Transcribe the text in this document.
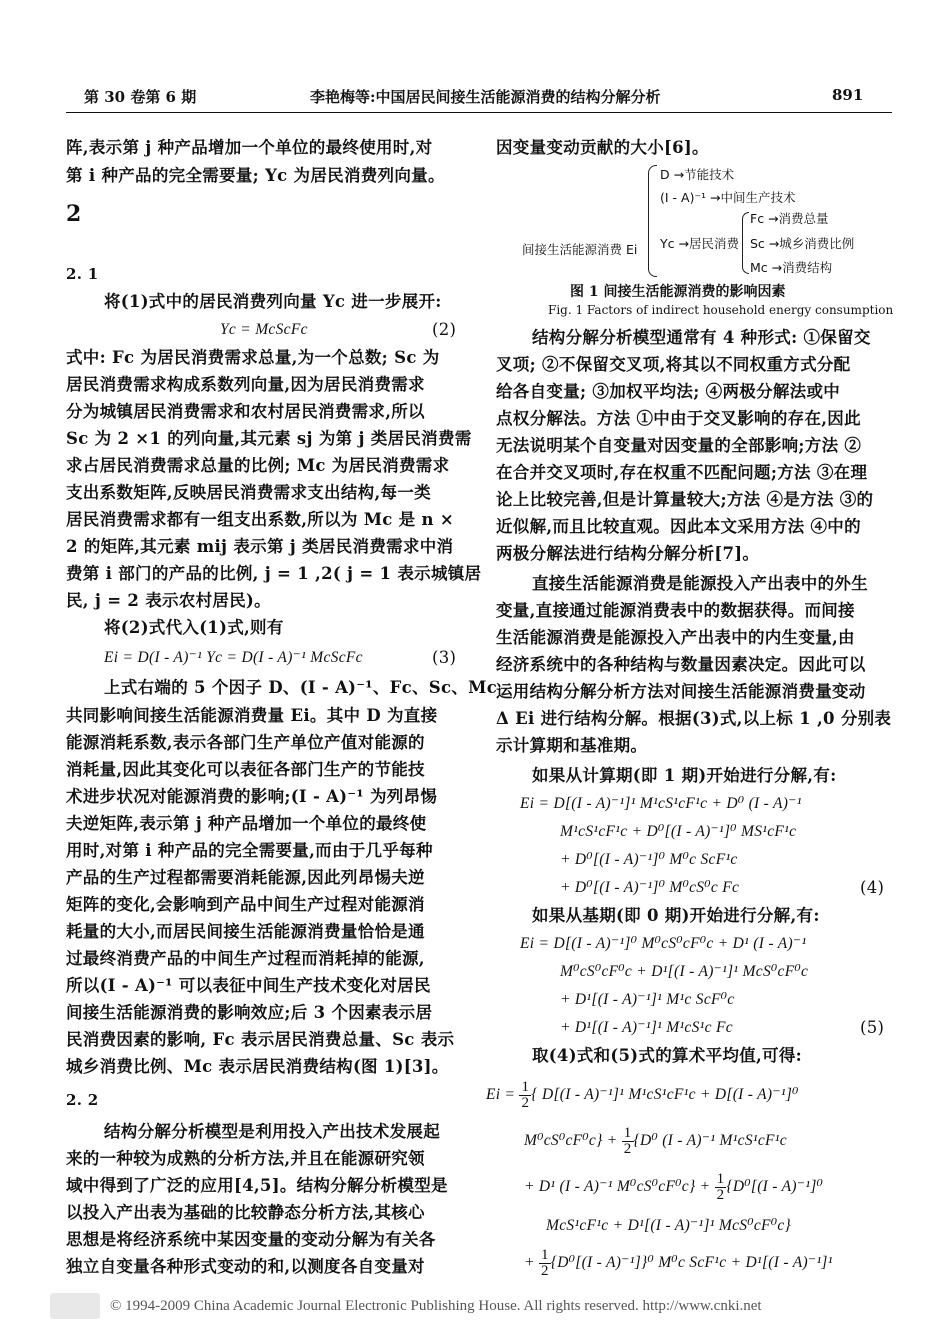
第 30 卷第 6 期	李艳梅等:中国居民间接生活能源消费的结构分解分析	891
阵,表示第 j 种产品增加一个单位的最终使用时,对
第 i 种产品的完全需要量; Yc 为居民消费列向量。
2
2. 1
将(1)式中的居民消费列向量 Yc 进一步展开:
Yc = McScFc	(2)
式中: Fc 为居民消费需求总量,为一个总数; Sc 为
居民消费需求构成系数列向量,因为居民消费需求
分为城镇居民消费需求和农村居民消费需求,所以
Sc 为 2 ×1 的列向量,其元素 sj 为第 j 类居民消费需
求占居民消费需求总量的比例; Mc 为居民消费需求
支出系数矩阵,反映居民消费需求支出结构,每一类
居民消费需求都有一组支出系数,所以为 Mc 是 n ×
2 的矩阵,其元素 mij 表示第 j 类居民消费需求中消
费第 i 部门的产品的比例, j = 1 ,2( j = 1 表示城镇居
民, j = 2 表示农村居民)。
将(2)式代入(1)式,则有
Ei = D(I - A)⁻¹ Yc = D(I - A)⁻¹ McScFc	(3)
上式右端的 5 个因子 D、(I - A)⁻¹、Fc、Sc、Mc
共同影响间接生活能源消费量 Ei。其中 D 为直接
能源消耗系数,表示各部门生产单位产值对能源的
消耗量,因此其变化可以表征各部门生产的节能技
术进步状况对能源消费的影响;(I - A)⁻¹ 为列昂惕
夫逆矩阵,表示第 j 种产品增加一个单位的最终使
用时,对第 i 种产品的完全需要量,而由于几乎每种
产品的生产过程都需要消耗能源,因此列昂惕夫逆
矩阵的变化,会影响到产品中间生产过程对能源消
耗量的大小,而居民间接生活能源消费量恰恰是通
过最终消费产品的中间生产过程而消耗掉的能源,
所以(I - A)⁻¹ 可以表征中间生产技术变化对居民
间接生活能源消费的影响效应;后 3 个因素表示居
民消费因素的影响, Fc 表示居民消费总量、Sc 表示
城乡消费比例、Mc 表示居民消费结构(图 1)[3]。
2. 2
结构分解分析模型是利用投入产出技术发展起
来的一种较为成熟的分析方法,并且在能源研究领
域中得到了广泛的应用[4,5]。结构分解分析模型是
以投入产出表为基础的比较静态分析方法,其核心
思想是将经济系统中某因变量的变动分解为有关各
独立自变量各种形式变动的和,以测度各自变量对
因变量变动贡献的大小[6]。
间接生活能源消费 Ei
D →节能技术
(I - A)⁻¹ →中间生产技术
Yc →居民消费
Fc →消费总量
Sc →城乡消费比例
Mc →消费结构
图 1 间接生活能源消费的影响因素
Fig. 1 Factors of indirect household energy consumption
结构分解分析模型通常有 4 种形式: ①保留交
叉项; ②不保留交叉项,将其以不同权重方式分配
给各自变量; ③加权平均法; ④两极分解法或中
点权分解法。方法 ①中由于交叉影响的存在,因此
无法说明某个自变量对因变量的全部影响;方法 ②
在合并交叉项时,存在权重不匹配问题;方法 ③在理
论上比较完善,但是计算量较大;方法 ④是方法 ③的
近似解,而且比较直观。因此本文采用方法 ④中的
两极分解法进行结构分解分析[7]。
直接生活能源消费是能源投入产出表中的外生
变量,直接通过能源消费表中的数据获得。而间接
生活能源消费是能源投入产出表中的内生变量,由
经济系统中的各种结构与数量因素决定。因此可以
运用结构分解分析方法对间接生活能源消费量变动
Δ Ei 进行结构分解。根据(3)式,以上标 1 ,0 分别表
示计算期和基准期。
如果从计算期(即 1 期)开始进行分解,有:
Ei = D[(I - A)⁻¹]¹ M¹cS¹cF¹c + D⁰ (I - A)⁻¹
M¹cS¹cF¹c + D⁰[(I - A)⁻¹]⁰ MS¹cF¹c
+ D⁰[(I - A)⁻¹]⁰ M⁰c ScF¹c
+ D⁰[(I - A)⁻¹]⁰ M⁰cS⁰c Fc	(4)
如果从基期(即 0 期)开始进行分解,有:
Ei = D[(I - A)⁻¹]⁰ M⁰cS⁰cF⁰c + D¹ (I - A)⁻¹
M⁰cS⁰cF⁰c + D¹[(I - A)⁻¹]¹ McS⁰cF⁰c
+ D¹[(I - A)⁻¹]¹ M¹c ScF⁰c
+ D¹[(I - A)⁻¹]¹ M¹cS¹c Fc	(5)
取(4)式和(5)式的算术平均值,可得:
$Ei = \frac{1}{2}${ D[(I - A)⁻¹]¹ M¹cS¹cF¹c + D[(I - A)⁻¹]⁰
$M^0cS^0cF^0c\} + \frac{1}{2}\{D^0$ (I - A)⁻¹ M¹cS¹cF¹c
+ D¹ (I - A)⁻¹ $M^0cS^0cF^0c\} + \frac{1}{2}\{D^0[(I - A)^{-1}]^0$
McS¹cF¹c + D¹[(I - A)⁻¹]¹ McS⁰cF⁰c}
+ $\frac{1}{2}\{D^0[(I - A)^{-1}]\}^0$ M⁰c ScF¹c + D¹[(I - A)⁻¹]¹
© 1994-2009 China Academic Journal Electronic Publishing House. All rights reserved. http://www.cnki.net
